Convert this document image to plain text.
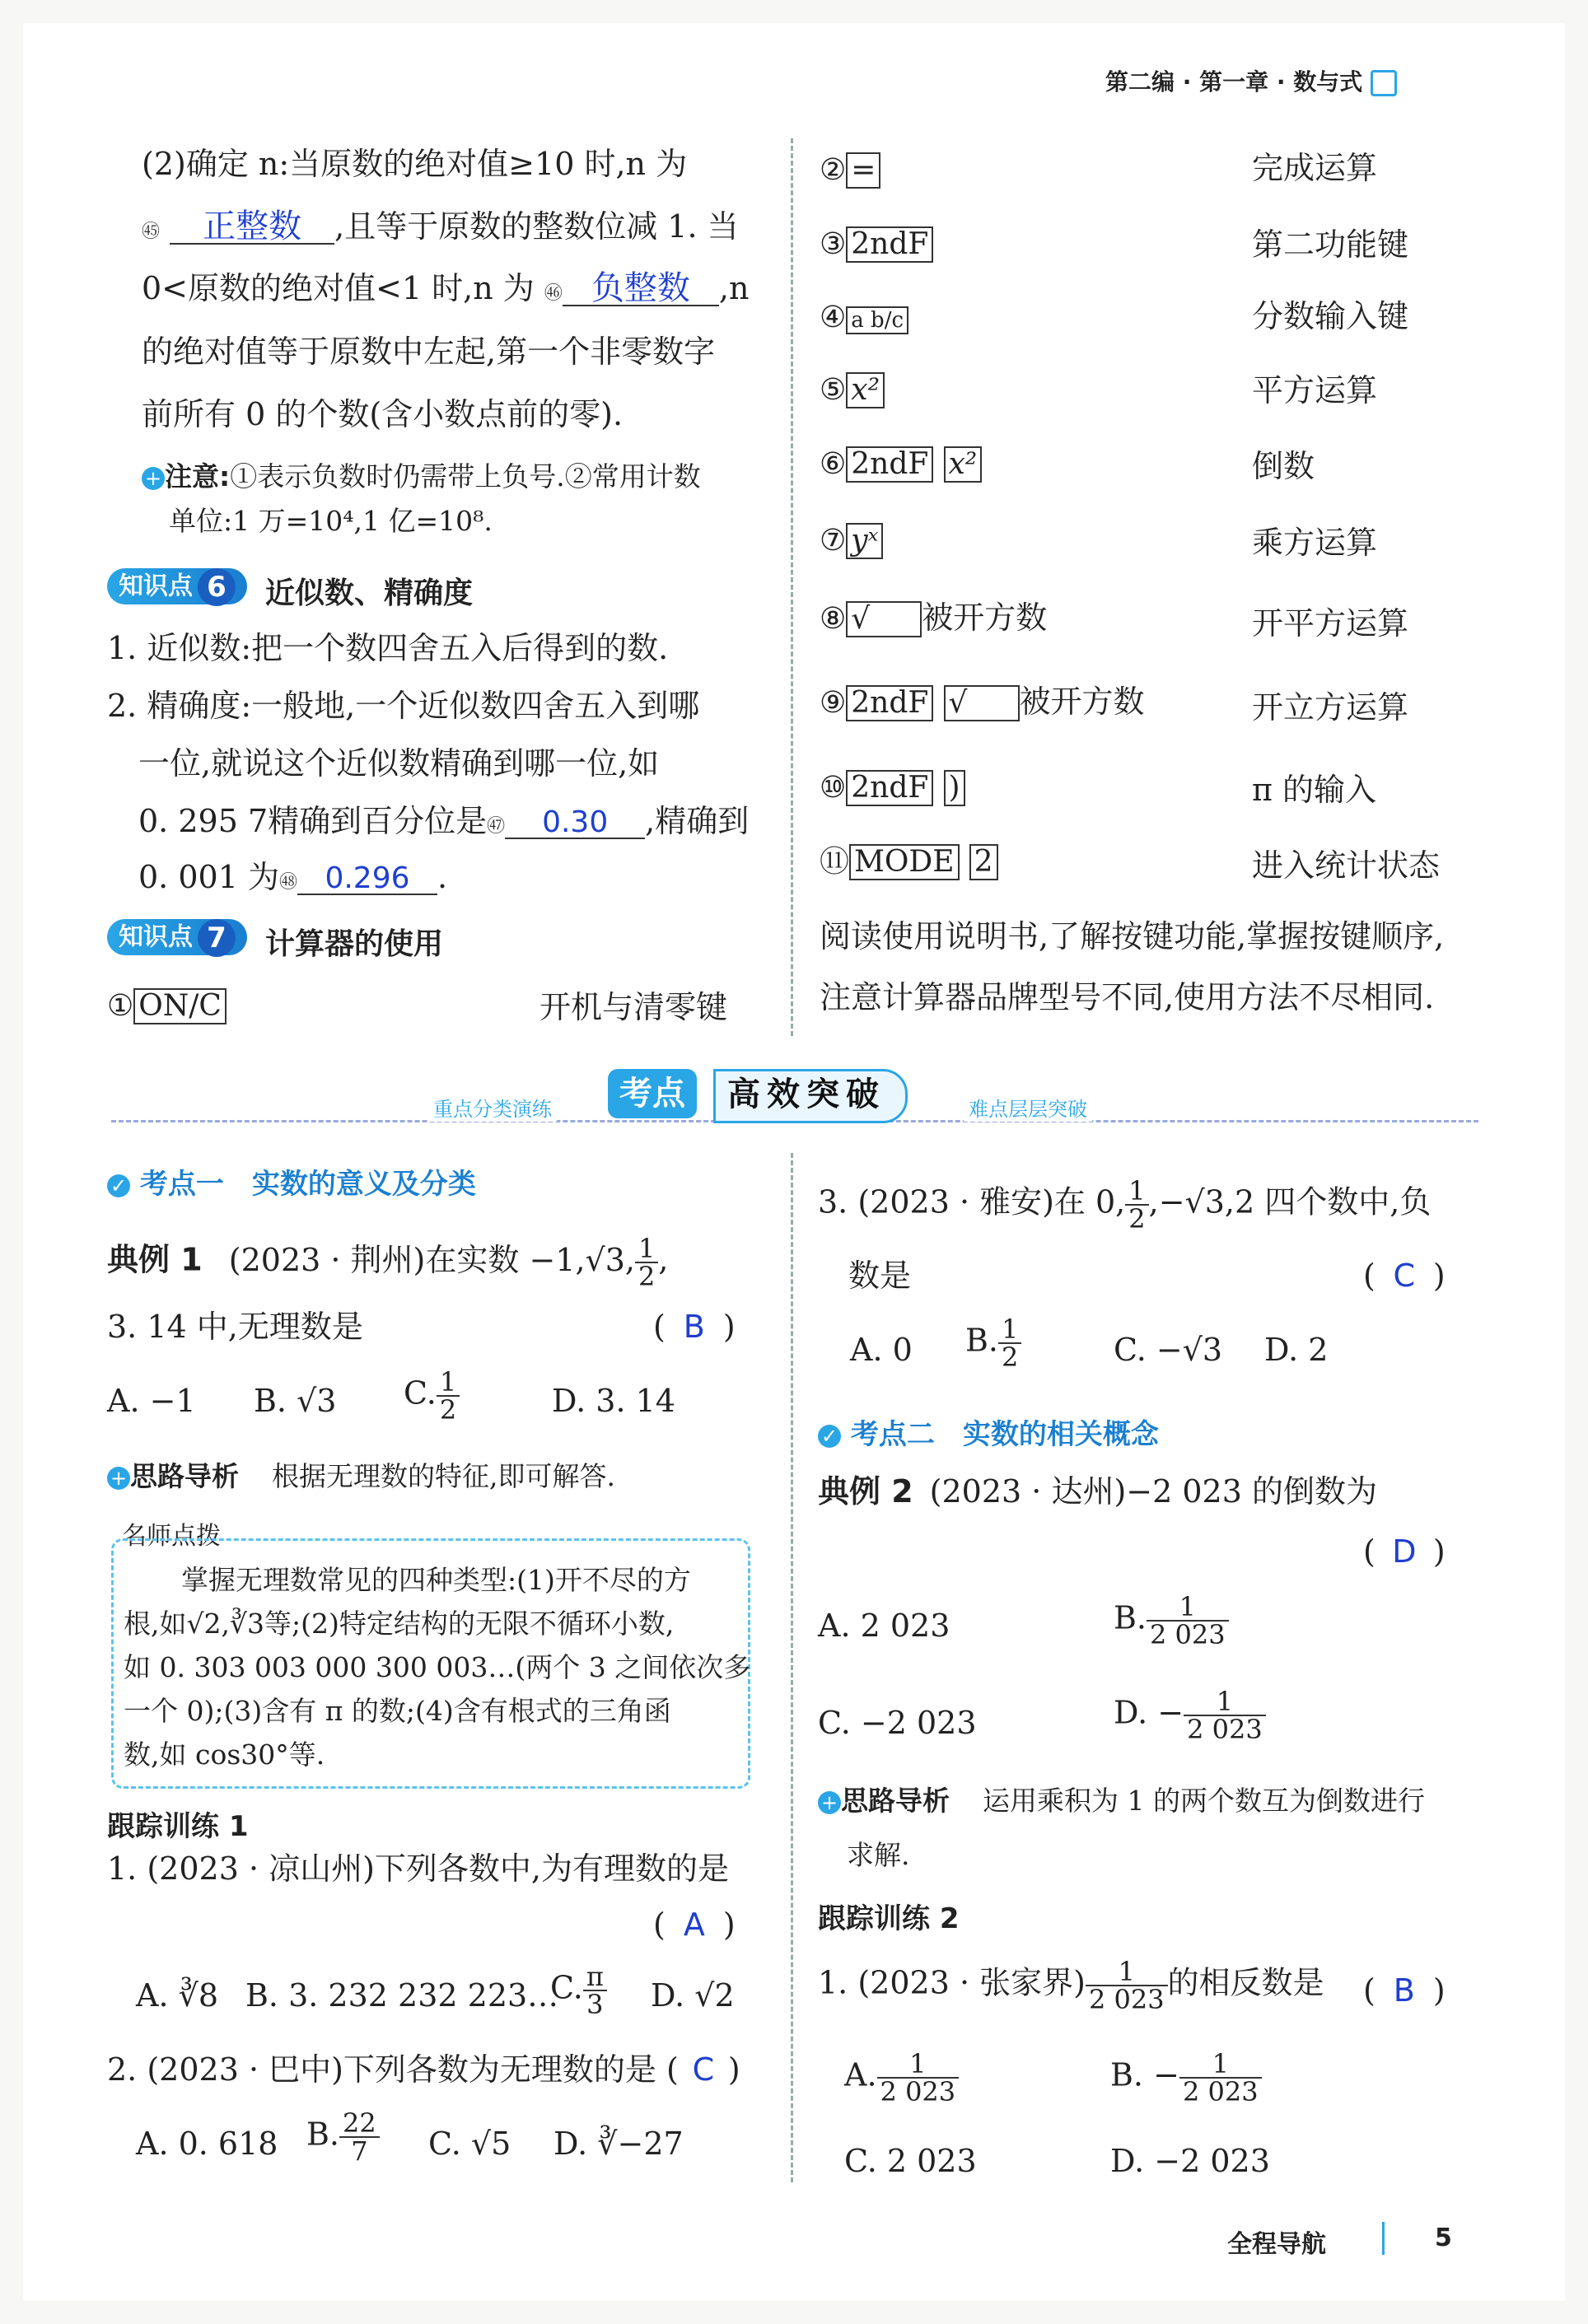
第二编 · 第一章 · 数与式
(2)确定 n:当原数的绝对值≥10 时,n 为
㊺ 正整数 ,且等于原数的整数位减 1. 当
0<原数的绝对值<1 时,n 为 ㊻ 负整数 ,n
的绝对值等于原数中左起,第一个非零数字
前所有 0 的个数(含小数点前的零).
+ 注意:①表示负数时仍需带上负号.②常用计数
单位:1 万=10⁴,1 亿=10⁸.
知识点 6	近似数、精确度
1. 近似数:把一个数四舍五入后得到的数.
2. 精确度:一般地,一个近似数四舍五入到哪
一位,就说这个近似数精确到哪一位,如
0. 295 7精确到百分位是㊼ 0.30 ,精确到
0. 001 为㊽ 0.296 .
知识点 7	计算器的使用
① ON/C	开机与清零键
② =	完成运算
③ 2ndF	第二功能键
④ a b/c	分数输入键
⑤ x²	平方运算
⑥ 2ndF x²	倒数
⑦ yˣ	乘方运算
⑧ √ 被开方数	开平方运算
⑨ 2ndF √ 被开方数	开立方运算
⑩ 2ndF )	π 的输入
⑪ MODE 2	进入统计状态
阅读使用说明书,了解按键功能,掌握按键顺序,
注意计算器品牌型号不同,使用方法不尽相同.
重点分类演练	难点层层突破
考点	高效突破
✓ 考点一　实数的意义及分类
典例 1 (2023 · 荆州)在实数 −1,√3, $\frac{1}{2}$ ,
3. 14 中,无理数是	( B )
A. −1 B. √3 C. $\frac{1}{2}$	D. 3. 14
+ 思路导析 根据无理数的特征,即可解答.
名师点拨
掌握无理数常见的四种类型:(1)开不尽的方
根,如√2,∛3等;(2)特定结构的无限不循环小数,
如 0. 303 003 000 300 003…(两个 3 之间依次多
一个 0);(3)含有 π 的数;(4)含有根式的三角函
数,如 cos30°等.
跟踪训练 1
1. (2023 · 凉山州)下列各数中,为有理数的是
( A )
A. ∛8 B. 3. 232 232 223…
C. $\frac{\pi}{3} D$. √2
2. (2023 · 巴中)下列各数为无理数的是 ( C )
A. 0. 618 B. $\frac{22}{7} C$. √5 D. ∛−27
3. (2023 · 雅安)在 0, $\frac{1}{2} ,-√3,2$ 四个数中,负
数是	( C )
A. 0 B. $\frac{1}{2}$	C. −√3 D. 2
✓ 考点二　实数的相关概念
典例 2 (2023 · 达州)−2 023 的倒数为
( D )
A. 2 023	B. $\frac{1}{2 023}$
C. −2 023	D. − $\frac{1}{2 023}$
+ 思路导析 运用乘积为 1 的两个数互为倒数进行
求解.
跟踪训练 2
1. (2023 · 张家界) $\frac{1}{2 023}$ 的相反数是 ( B )
A. $\frac{1}{2 023}$	B. − $\frac{1}{2 023}$
C. 2 023	D. −2 023
全程导航	5
